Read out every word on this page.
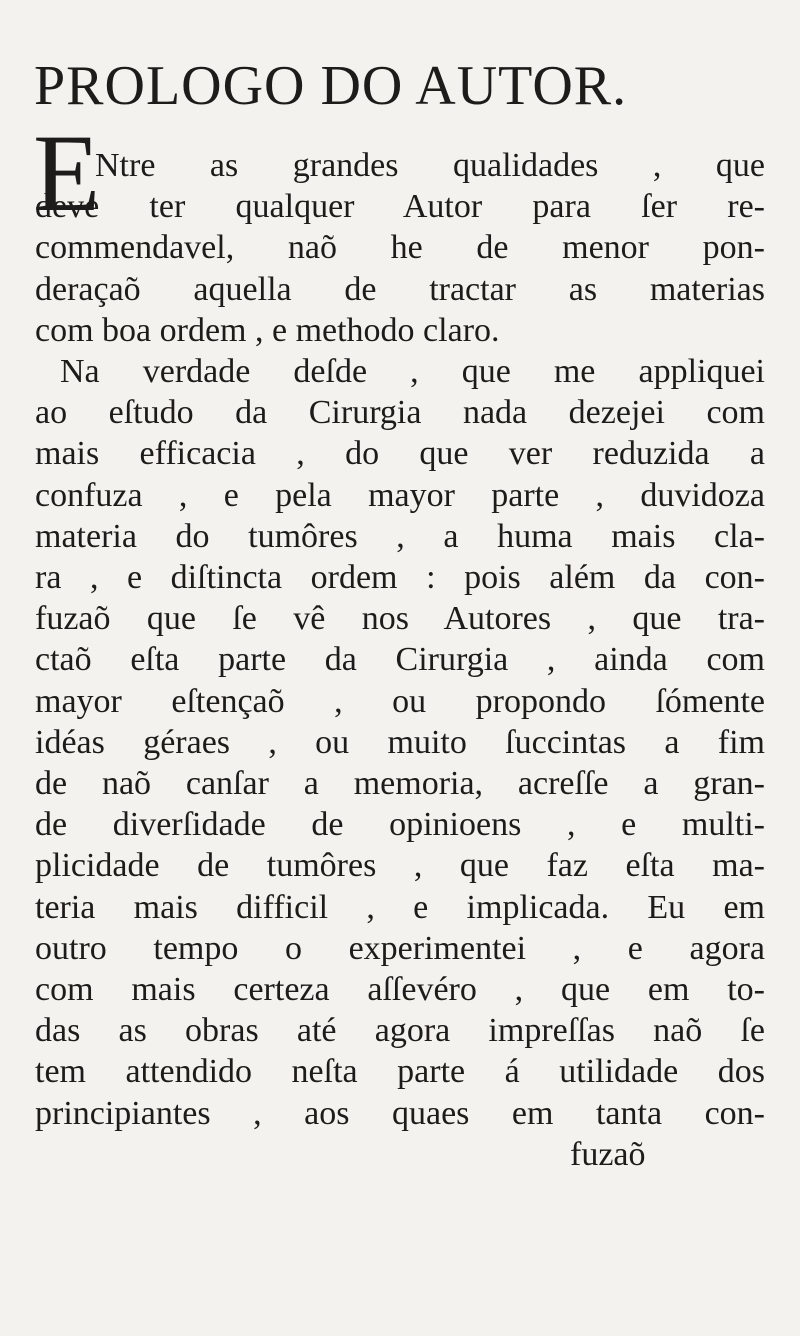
PROLOGO DO AUTOR.
E
Ntre as grandes qualidades , que
deve ter qualquer Autor para ſer re-
commendavel, naõ he de menor pon-
deraçaõ aquella de tractar as materias
com boa ordem , e methodo claro.
Na verdade deſde , que me appliquei
ao eſtudo da Cirurgia nada dezejei com
mais efficacia , do que ver reduzida a
confuza , e pela mayor parte , duvidoza
materia do tumôres , a huma mais cla-
ra , e diſtincta ordem : pois além da con-
fuzaõ que ſe vê nos Autores , que tra-
ctaõ eſta parte da Cirurgia , ainda com
mayor eſtençaõ , ou propondo ſómente
idéas géraes , ou muito ſuccintas a fim
de naõ canſar a memoria, acreſſe a gran-
de diverſidade de opinioens , e multi-
plicidade de tumôres , que faz eſta ma-
teria mais difficil , e implicada. Eu em
outro tempo o experimentei , e agora
com mais certeza aſſevéro , que em to-
das as obras até agora impreſſas naõ ſe
tem attendido neſta parte á utilidade dos
principiantes , aos quaes em tanta con-
fuzaõ
